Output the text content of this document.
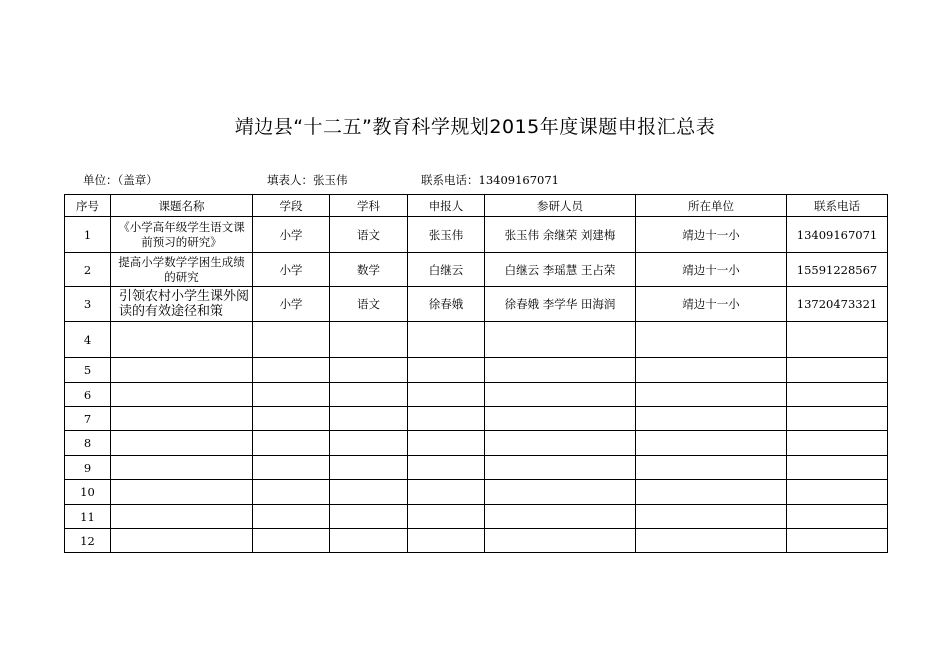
靖边县“十二五”教育科学规划2015年度课题申报汇总表
单位：（盖章）	填表人：张玉伟	联系电话：13409167071
序号	课题名称	学段	学科	申报人	参研人员	所在单位	联系电话
1	《小学高年级学生语文课前预习的研究》	小学	语文	张玉伟	张玉伟 余继荣 刘建梅	靖边十一小	13409167071
2	提高小学数学学困生成绩的研究	小学	数学	白继云	白继云 李瑶慧 王占荣	靖边十一小	15591228567
3	引领农村小学生课外阅读的有效途径和策	小学	语文	徐春娥	徐春娥 李学华 田海润	靖边十一小	13720473321
4							
5							
6							
7							
8							
9							
10							
11							
12							
